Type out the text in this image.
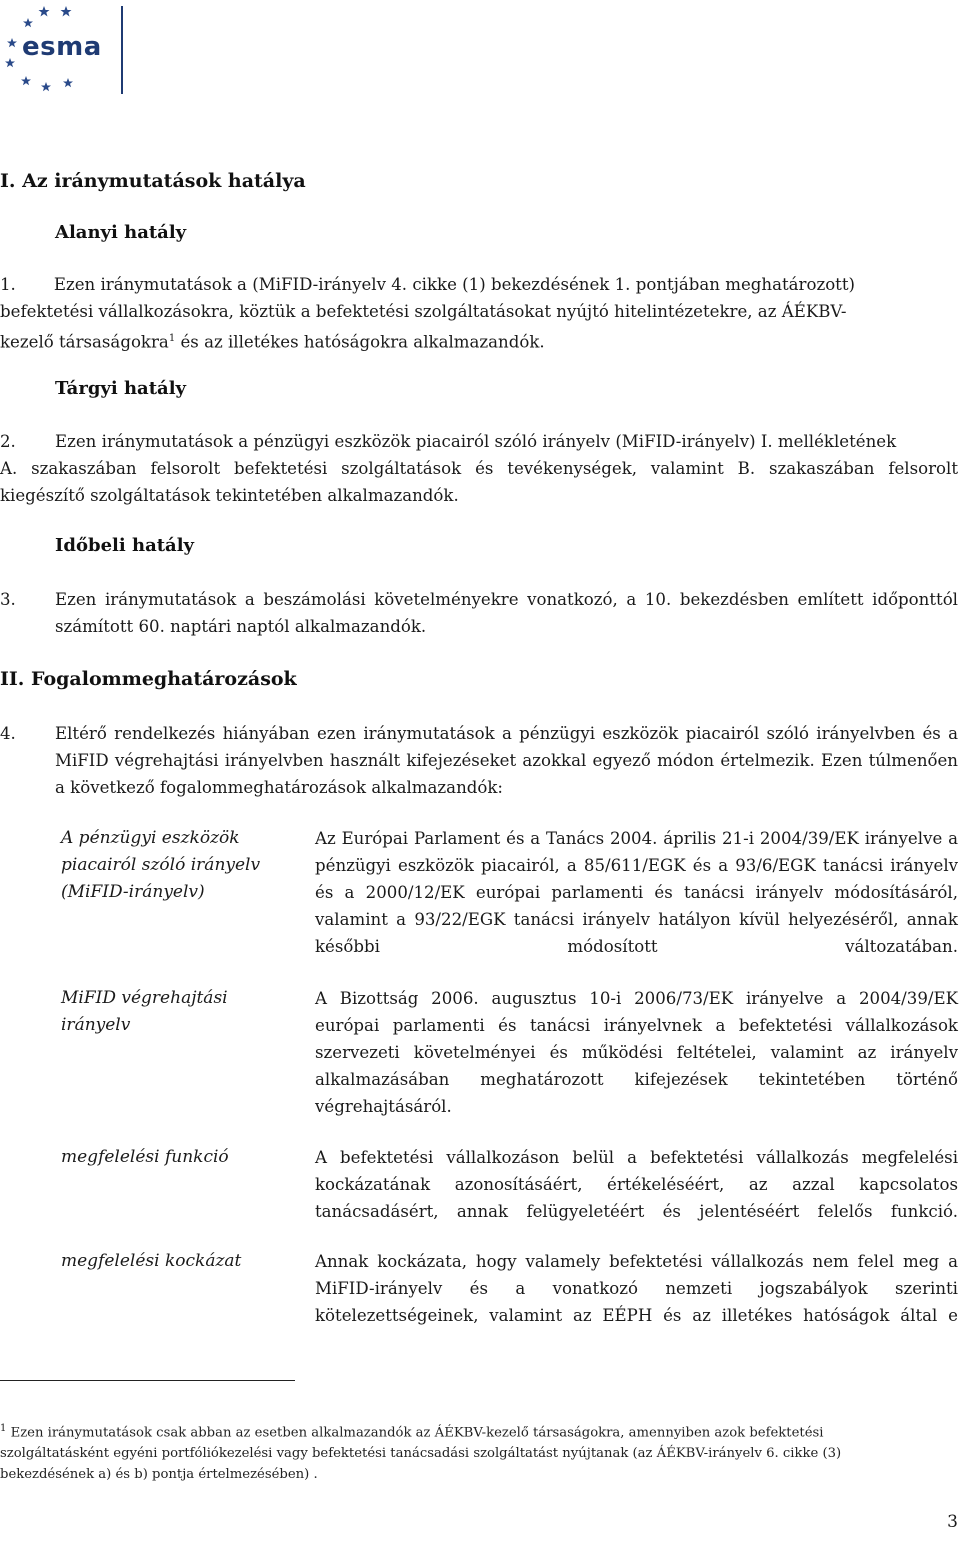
esma
I. Az iránymutatások hatálya
Alanyi hatály
1. Ezen iránymutatások a (MiFID-irányelv 4. cikke (1) bekezdésének 1. pontjában meghatározott)
befektetési vállalkozásokra, köztük a befektetési szolgáltatásokat nyújtó hitelintézetekre, az ÁÉKBV-
kezelő társaságokra$^1$ és az illetékes hatóságokra alkalmazandók.
Tárgyi hatály
2. Ezen iránymutatások a pénzügyi eszközök piacairól szóló irányelv (MiFID-irányelv) I. mellékletének
A. szakaszában felsorolt befektetési szolgáltatások és tevékenységek, valamint B. szakaszában felsorolt kiegészítő szolgáltatások tekintetében alkalmazandók.
Időbeli hatály
3. Ezen iránymutatások a beszámolási követelményekre vonatkozó, a 10. bekezdésben említett időponttól számított 60. naptári naptól alkalmazandók.
II. Fogalommeghatározások
4. Eltérő rendelkezés hiányában ezen iránymutatások a pénzügyi eszközök piacairól szóló irányelvben és a MiFID végrehajtási irányelvben használt kifejezéseket azokkal egyező módon értelmezik. Ezen túlmenően a következő fogalommeghatározások alkalmazandók:
A pénzügyi eszközök piacairól szóló irányelv (MiFID-irányelv)
Az Európai Parlament és a Tanács 2004. április 21-i 2004/39/EK irányelve a pénzügyi eszközök piacairól, a 85/611/EGK és a 93/6/EGK tanácsi irányelv és a 2000/12/EK európai parlamenti és tanácsi irányelv módosításáról, valamint a 93/22/EGK tanácsi irányelv hatályon kívül helyezéséről, annak későbbi módosított változatában.
MiFID végrehajtási irányelv
A Bizottság 2006. augusztus 10-i 2006/73/EK irányelve a 2004/39/EK európai parlamenti és tanácsi irányelvnek a befektetési vállalkozások szervezeti követelményei és működési feltételei, valamint az irányelv alkalmazásában meghatározott kifejezések tekintetében történő végrehajtásáról.
megfelelési funkció	A befektetési vállalkozáson belül a befektetési vállalkozás megfelelési kockázatának azonosításáért, értékeléséért, az azzal kapcsolatos tanácsadásért, annak felügyeletéért és jelentéséért felelős funkció.
megfelelési kockázat	Annak kockázata, hogy valamely befektetési vállalkozás nem felel meg a MiFID-irányelv és a vonatkozó nemzeti jogszabályok szerinti kötelezettségeinek, valamint az EÉPH és az illetékes hatóságok által e
$^1$ Ezen iránymutatások csak abban az esetben alkalmazandók az ÁÉKBV-kezelő társaságokra, amennyiben azok befektetési szolgáltatásként egyéni portfóliókezelési vagy befektetési tanácsadási szolgáltatást nyújtanak (az ÁÉKBV-irányelv 6. cikke (3) bekezdésének a) és b) pontja értelmezésében) .
3
